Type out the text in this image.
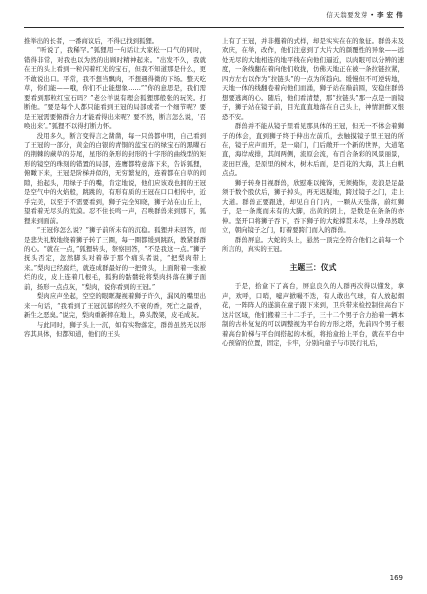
信天翁要发芽 • 李 宏 伟

推举出的长者，一番商议后，不得已找到狐狸。

“听说了，我稀罕。”狐狸用一句话让大家松一口气的同时，错得非常，对我也以为然的出顾时精神起来。“出发不久，我就在王的头上看到一粒闪着红光的宝石，但我不知道那是什么，更不敢说出口。平常，我不想当飘肉，不想遇得微的下场。整天吃草，你们能——哦，你们不止能想象……”“你的意思是，我们需要看到那粒红宝石吗？”老公羊说有理会狐狸那般张的玩笑。打断他。“要是每个人都只能看到王冠的局部或者一个细节呢？要是王冠需要俯群合力才能看得出来呢？要不然，断言怎么说，‘召唤出来’。”狐狸不以得打断力怀。

没用多久，断言变得言之凿凿，每一只兽都申明，自己看到了王冠的一部分，黄金的白银的青铜的蓝宝石的绿宝石的黑曜石的荆棘的蕨草的芬尾，星形的条形的封形的十字形的曲线型的矩形的镜空的珠刻的错置的局部，连鹰都特意落下来，告诉狐狸，俯瞰下来，王冠是阶梯并似的，无穷繁复的，连着都在自草的间隙，抬起头，用绿子手的嘴，肯定地说，他们应该戏也拥的王冠是空气中的火焰般，跳跳的，有形有质的王冠在口口相传中，近乎完美，以至于不需要看到，狮子完全知晓，狮子站在山丘上，望看着无尽头的荒漠。忍不住长鸣一声，召唤群兽来到那下，狐狸来到面前。

“王冠你怎么说？”狮子前所未有的沉稳。狐狸并未回答，而是悲失礼数地绕着狮子转了三圈，每一圈都缓到跳跃，教紧群群的心。“就在一点，”狐狸转头，祭察回答，“不是我这一点。”狮子抚头否定，忽然脚头对着恭于那个痛头者说，“把梨肉带上来。”梨肉已经腐烂，就连成群最好的一把骨头，上面附着一张被烂的皮，皮上连着几根毛，狐狗的骷髅轮将梨肉抖落在狮子面前，扬形一点点灰，“梨肉，说你看到的王冠。”

梨肉应声坐起，空空的眼眶凝视着狮子许久，漏风的嘴里出来一句话，“我看到了王冠沉郁的经久不衰的香，死亡之最香，新生之恶臭。”说完，梨肉重新摔在地上，鼻头散架，皮毛成灰。

与此同时，狮子头上一沉，如有实物落定，群兽虽然无以形容其具体，但都知道，他们的王头

上有了王冠，并非攫着的式样，却是实实在在的象征。群兽未及欢庆，在举，改作，他们注意到了大片大的颜覆性的异象——远处无尽的大地相连的地平线在向他们逼近，以肉眼可以分辨的速度，一条线翻在着向他们收拢，仿佛天地正在被一条拉链拉紧，四方左右以作为“拉链头”的一点为所趋向。缓慢但不可逆转地，天地一体的线翻卷着向他们而涌，狮子站在巅前圆，安稳住群兽想要逃离的心。随后，他们看清楚，那“拉链头”那一点是一面镜子，狮子站在镜子前，目光直直地落在自己头上，神情泄醉又恨恐不安。

群兽并不能从镜子里看见那具体的王冠，但无一不体会着狮子的体会，直到狮子终于伸出左前爪，去触摸镜子里王冠的所在，镜子应声而开，是一扇门，门后敞开一个新的世界，大道笔直，海岸成排，其间两侧，流原会流，布百合条彩的风景丽景，麦田巨漫，是原里的树木，树木后面，是百花的大海，其上白帆点点。

狮子转身目视群兽，欣慰难以掩饰，无须掩饰，麦浪是足最须于数个股伏后，狮子掉头，再无迟疑地，跨过镜子之门，走上大道。群兽正要跟进，却见自自门内，一颗从天坠落，蔚红狮子，是一条蔑而未有的大脚，出黄的阴上，是数是在条条的亦伸。坚开口将狮子吞下，吞下狮子的大蛇撑贯未尽，上身昂然耽立，朝向镜子之门，盯着要跨门而入的群兽。

群兽屏息。大蛇的头上，悬然一顶完全符合他们之前每一个所言的，真实的王冠。

主题三：仪式

于是，拾盒下了高台，屏息良久的人群再次得以懂发，拿声，欢呼，口哨，嘘声掀嘬不迭，有人敢出气球，有人放起烟花，一阵阵人的遂演在童子跟下来到，卫兵带来检控制住高台下这片区域，他们搬着三十二手子，三十二个男子合力抬着一辆本制的古朴复复的可以调整视为平台的方形之塔，先前四个男子根着高台阶梯与平台间搭起的木板，将抬盒抬上平台，就在平台中心预留的位置，固定，卡牢，分别向童子与市民行礼后，

169
